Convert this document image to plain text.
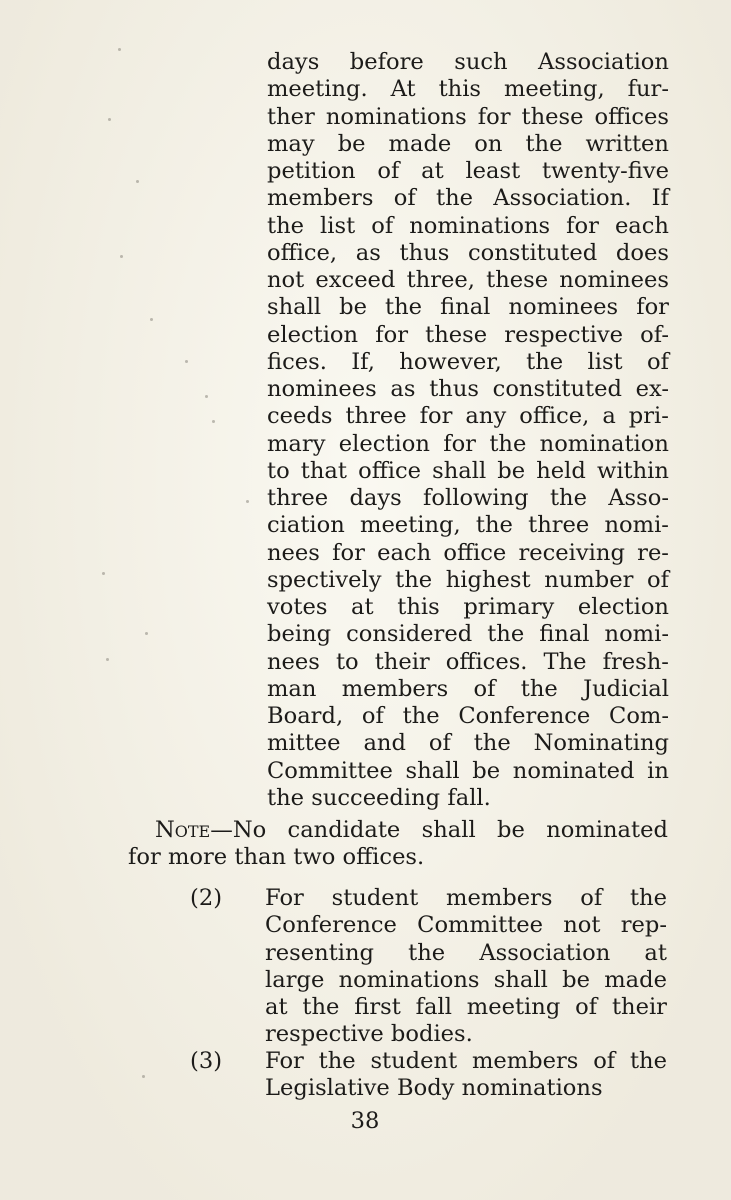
days before such Association
meeting. At this meeting, fur-
ther nominations for these offices
may be made on the written
petition of at least twenty-five
members of the Association. If
the list of nominations for each
office, as thus constituted does
not exceed three, these nominees
shall be the final nominees for
election for these respective of-
fices. If, however, the list of
nominees as thus constituted ex-
ceeds three for any office, a pri-
mary election for the nomination
to that office shall be held within
three days following the Asso-
ciation meeting, the three nomi-
nees for each office receiving re-
spectively the highest number of
votes at this primary election
being considered the final nomi-
nees to their offices. The fresh-
man members of the Judicial
Board, of the Conference Com-
mittee and of the Nominating
Committee shall be nominated in
the succeeding fall.
Note—No candidate shall be nominated
for more than two offices.
(2)	For student members of the
Conference Committee not rep-
resenting the Association at
large nominations shall be made
at the first fall meeting of their
respective bodies.
(3)	For the student members of the
Legislative Body nominations
38
